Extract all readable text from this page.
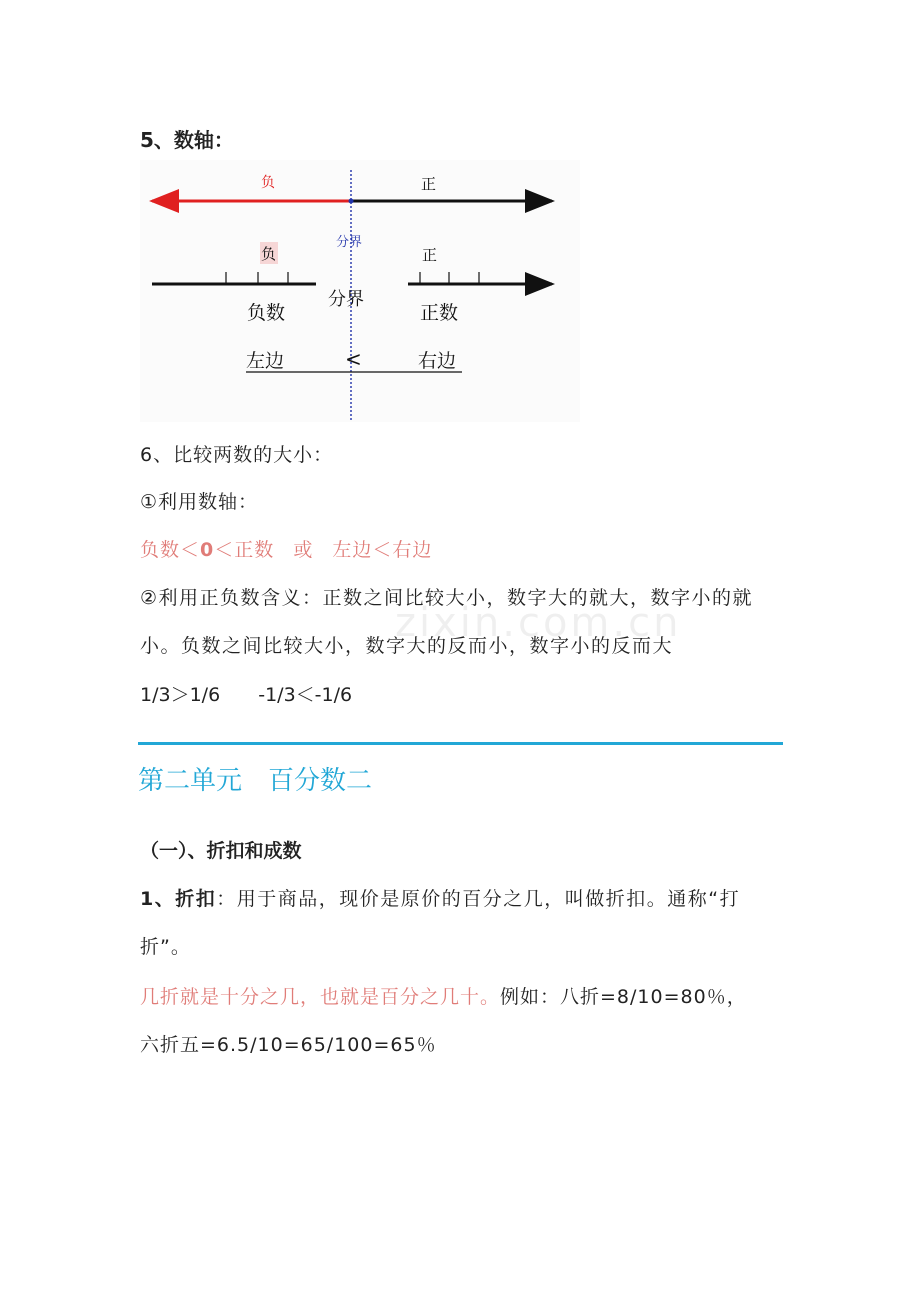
5、数轴：
负	正
分界
负	正
分界
负数	正数
左边	<	右边
6、比较两数的大小：
①利用数轴：
负数＜0＜正数 或 左边＜右边
②利用正负数含义：正数之间比较大小，数字大的就大，数字小的就
小。负数之间比较大小，数字大的反而小，数字小的反而大
1/3＞1/6 -1/3＜-1/6
zixin.com.cn
第二单元　百分数二
（一）、折扣和成数
1、折扣：用于商品，现价是原价的百分之几，叫做折扣。通称“打
折”。
几折就是十分之几，也就是百分之几十。例如：八折=8/10=80％，
六折五=6.5/10=65/100=65％
